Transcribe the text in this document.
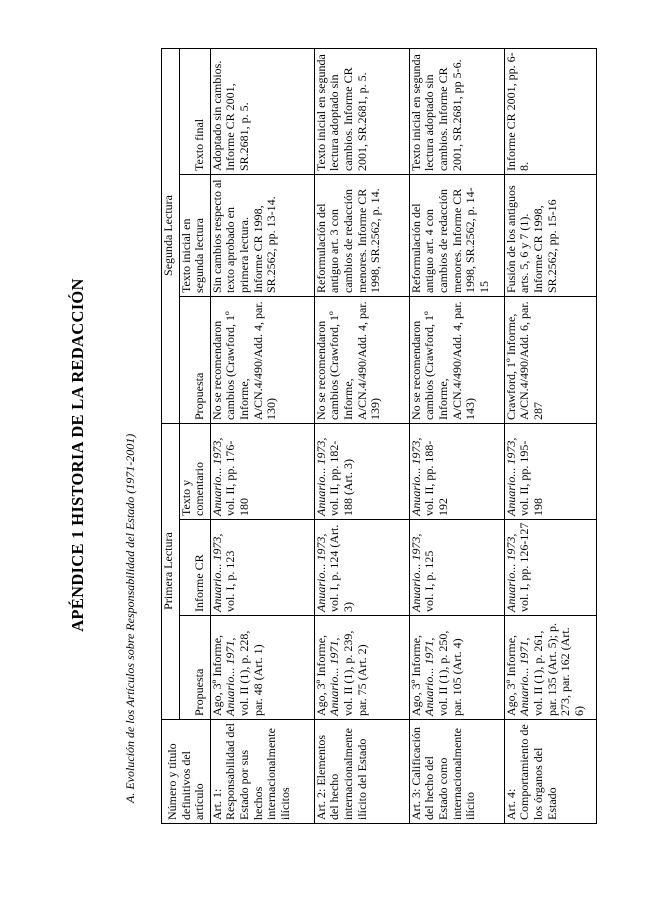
APÉNDICE 1 HISTORIA DE LA REDACCIÓN	A. Evolución de los Artículos sobre Responsabilidad del Estado (1971-2001) Número y título definitivos del artículo	Primera Lectura			Segunda Lectura		
	Propuesta	Informe CR	Texto y comentario	Propuesta	Texto inicial en segunda lectura	Texto final
Art. 1: Responsabilidad del Estado por sus hechos internacionalmente ilícitos	Ago, 3º Informe, Anuario... 1971, vol. II (1), p. 228, par. 48 (Art. 1)	Anuario... 1973, vol. I, p. 123	Anuario... 1973, vol. II, pp. 176-180	No se recomendaron cambios (Crawford, 1º Informe, A/CN.4/490/Add. 4, par. 130)	Sin cambios respecto al texto aprobado en primera lectura. Informe CR 1998, SR.2562, pp. 13-14.	Adoptado sin cambios. Informe CR 2001, SR.2681, p. 5.
Art. 2: Elementos del hecho internacionalmente ilícito del Estado	Ago, 3º Informe, Anuario... 1971, vol. II (1), p. 239, par. 75 (Art. 2)	Anuario... 1973, vol. I, p. 124 (Art. 3)	Anuario... 1973, vol. II, pp. 182-188 (Art. 3)	No se recomendaron cambios (Crawford, 1º Informe, A/CN.4/490/Add. 4, par. 139)	Reformulación del antiguo art. 3 con cambios de redacción menores. Informe CR 1998, SR.2562, p. 14.	Texto inicial en segunda lectura adoptado sin cambios. Informe CR 2001, SR.2681, p. 5.
Art. 3: Calificación del hecho del Estado como internacionalmente ilícito	Ago, 3º Informe, Anuario... 1971, vol. II (1), p. 250, par. 105 (Art. 4)	Anuario... 1973, vol. I, p. 125	Anuario... 1973, vol. II, pp. 188-192	No se recomendaron cambios (Crawford, 1º Informe, A/CN.4/490/Add. 4, par. 143)	Reformulación del antiguo art. 4 con cambios de redacción menores. Informe CR 1998, SR.2562, p. 14-15	Texto inicial en segunda lectura adoptado sin cambios. Informe CR 2001, SR.2681, pp 5-6.
Art. 4: Comportamiento de los órganos del Estado	Ago, 3º Informe, Anuario... 1971, vol. II (1), p. 261, par. 135 (Art. 5); p. 273, par. 162 (Art. 6)	Anuario... 1973, vol. I, pp. 126-127	Anuario... 1973, vol. II, pp. 195-198	Crawford, 1º Informe, A/CN.4/490/Add. 6, par. 287	Fusión de los antiguos arts. 5, 6 y 7 (1). Informe CR 1998, SR.2562, pp. 15-16	Informe CR 2001, pp. 6-8.
